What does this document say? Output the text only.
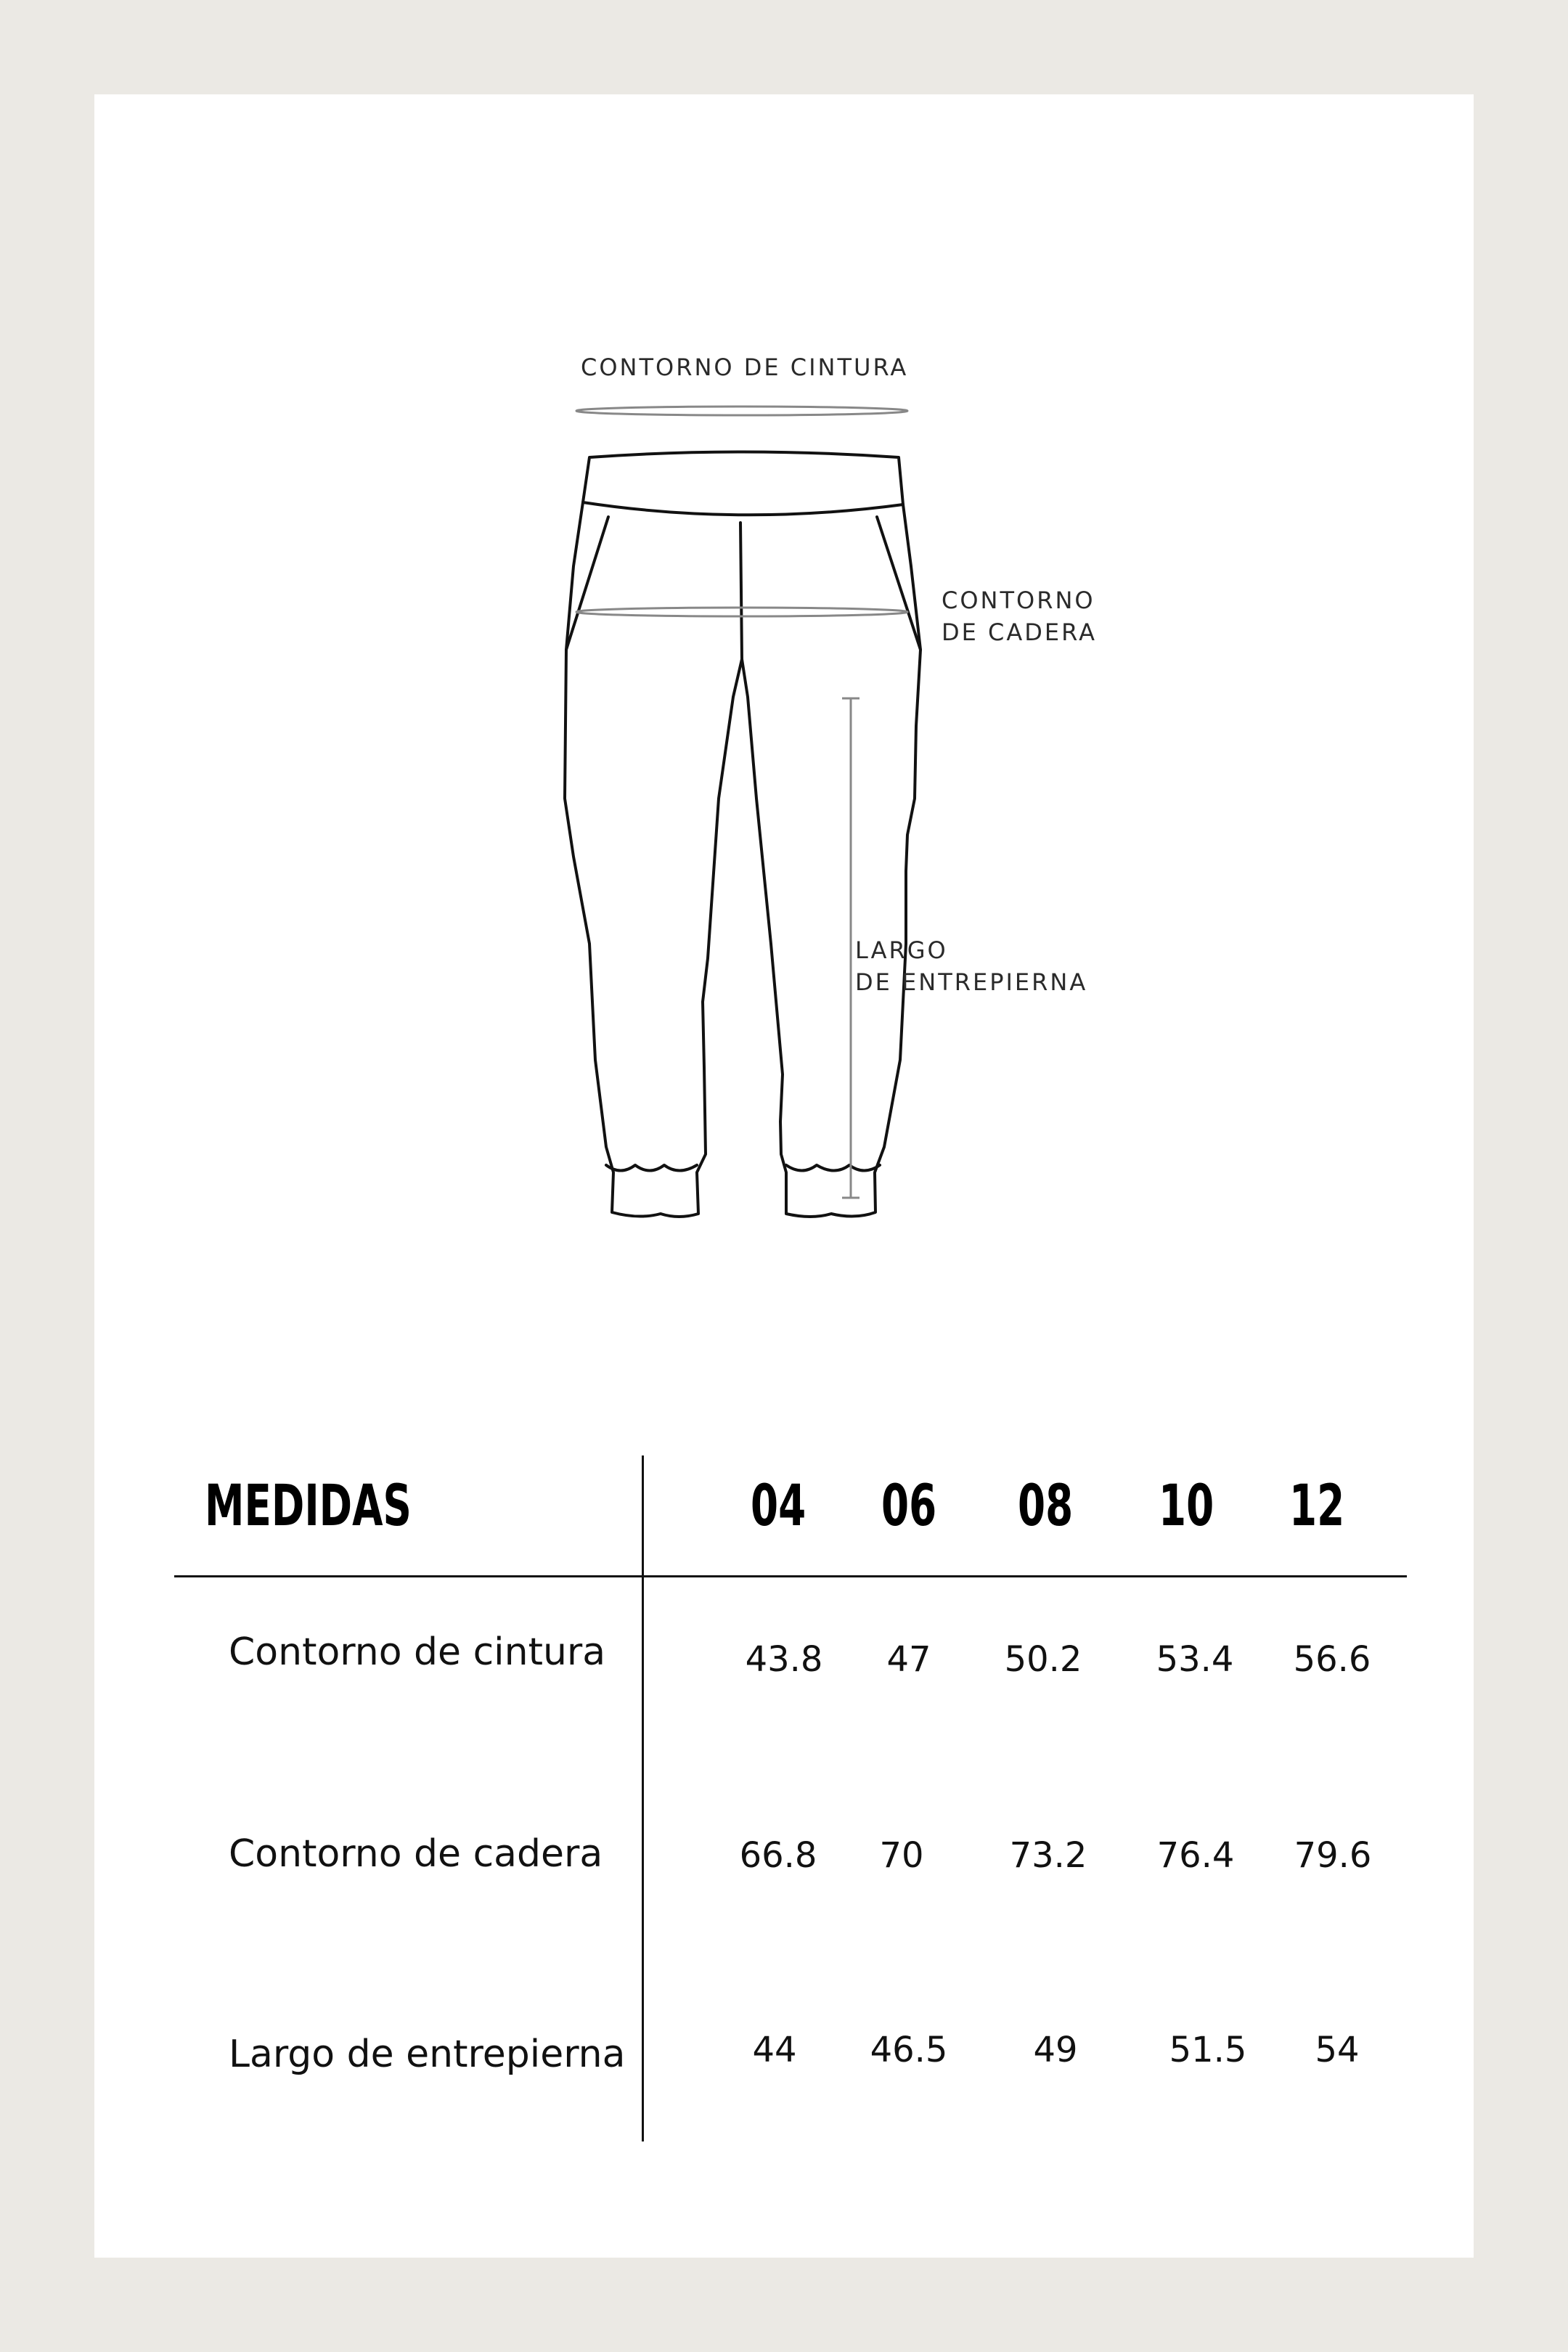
CONTORNO DE CINTURA
CONTORNO
DE CADERA
LARGO
DE ENTREPIERNA
MEDIDAS	04 06 08 10 12
Contorno de cintura	43.8	47	50.2	53.4	56.6
Contorno de cadera	66.8	70	73.2	76.4	79.6
Largo de entrepierna	44	46.5	49	51.5	54
